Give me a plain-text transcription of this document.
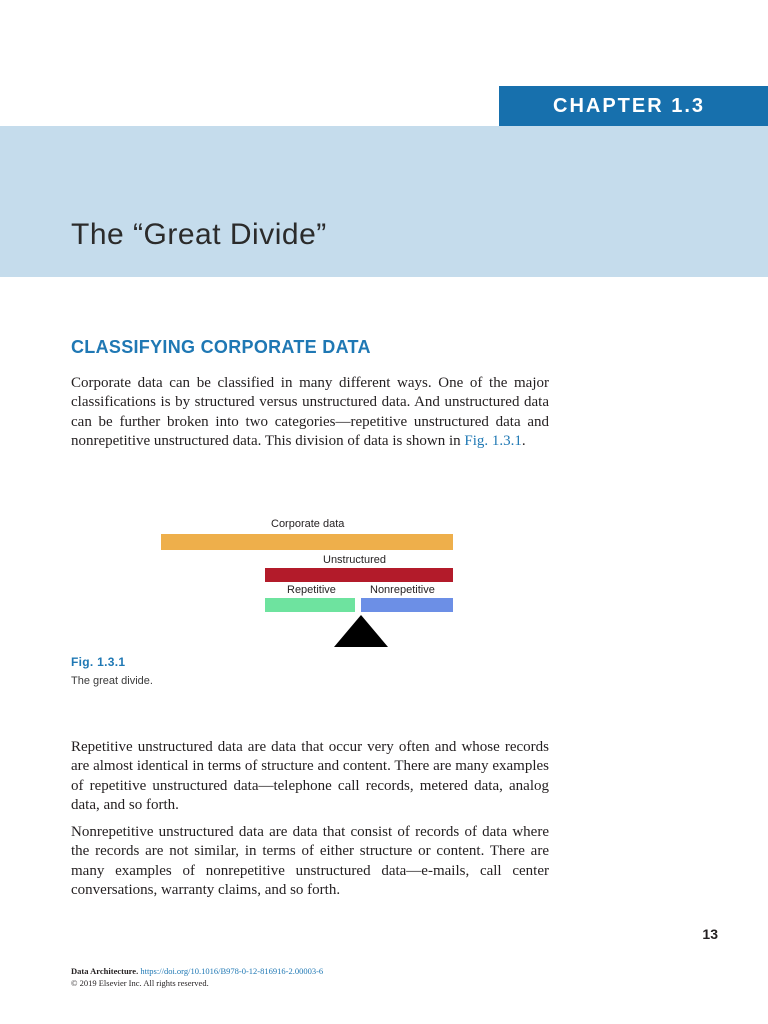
CHAPTER 1.3
The “Great Divide”
CLASSIFYING CORPORATE DATA

Corporate data can be classified in many different ways. One of the major classifications is by structured versus unstructured data. And unstructured data can be further broken into two categories—repetitive unstructured data and nonrepetitive unstructured data. This division of data is shown in Fig. 1.3.1.

Corporate data
Unstructured
Repetitive	Nonrepetitive
Fig. 1.3.1
The great divide.

Repetitive unstructured data are data that occur very often and whose records are almost identical in terms of structure and content. There are many examples of repetitive unstructured data—telephone call records, metered data, analog data, and so forth.

Nonrepetitive unstructured data are data that consist of records of data where the records are not similar, in terms of either structure or content. There are many examples of nonrepetitive unstructured data—e-mails, call center conversations, warranty claims, and so forth.

13
Data Architecture. https://doi.org/10.1016/B978-0-12-816916-2.00003-6
© 2019 Elsevier Inc. All rights reserved.
